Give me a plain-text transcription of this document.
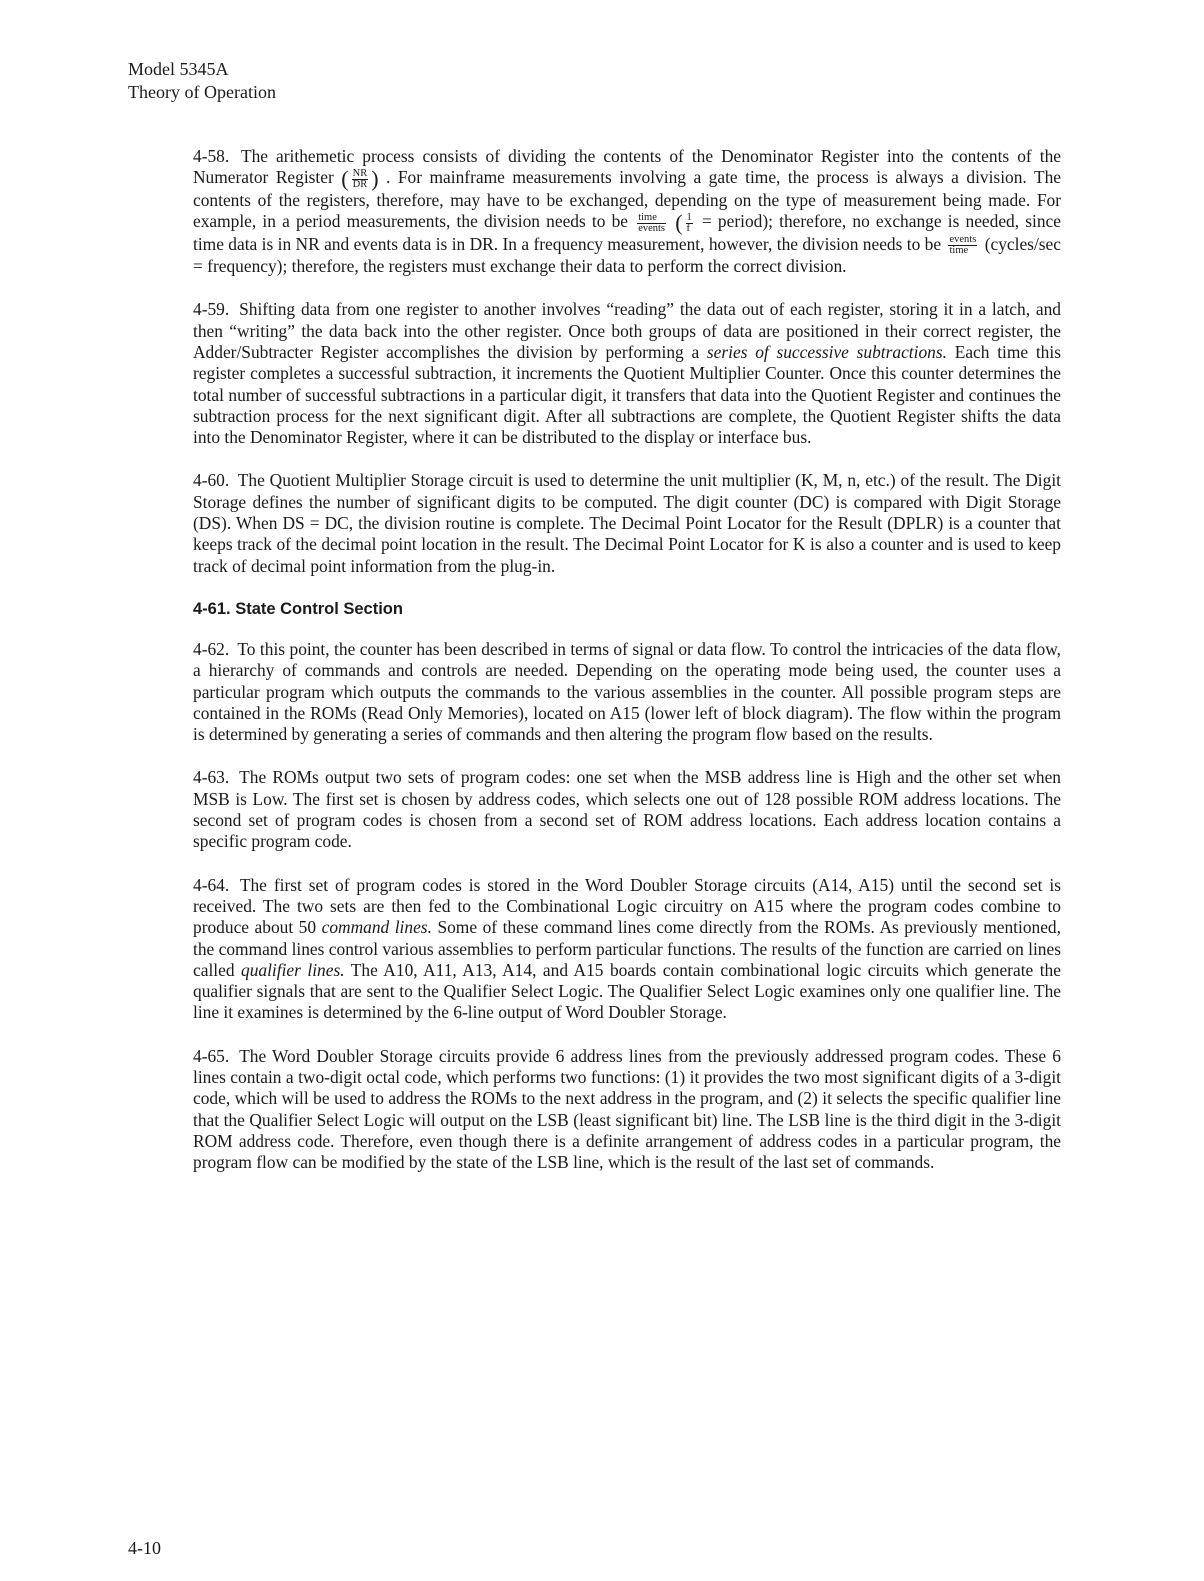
Model 5345A
Theory of Operation

4-58. The arithemetic process consists of dividing the contents of the Denominator Register into the contents of the Numerator Register ( $\frac{NR}{DR}$ ) . For mainframe measurements involving a gate time, the process is always a division. The contents of the registers, therefore, may have to be exchanged, depending on the type of measurement being made. For example, in a period measurements, the division needs to be $\frac{\text{time}}{\text{events}}$ ( $\frac{1}{f}$ = period); therefore, no exchange is needed, since time data is in NR and events data is in DR. In a frequency measurement, however, the division needs to be $\frac{\text{events}}{\text{time}}$ (cycles/sec = frequency); therefore, the registers must exchange their data to perform the correct division.

4-59. Shifting data from one register to another involves “reading” the data out of each register, storing it in a latch, and then “writing” the data back into the other register. Once both groups of data are positioned in their correct register, the Adder/Subtracter Register accomplishes the division by performing a series of successive subtractions. Each time this register completes a successful subtraction, it increments the Quotient Multiplier Counter. Once this counter determines the total number of successful subtractions in a particular digit, it transfers that data into the Quotient Register and continues the subtraction process for the next significant digit. After all subtractions are complete, the Quotient Register shifts the data into the Denominator Register, where it can be distributed to the display or interface bus.

4-60. The Quotient Multiplier Storage circuit is used to determine the unit multiplier (K, M, n, etc.) of the result. The Digit Storage defines the number of significant digits to be computed. The digit counter (DC) is compared with Digit Storage (DS). When DS = DC, the division routine is complete. The Decimal Point Locator for the Result (DPLR) is a counter that keeps track of the decimal point location in the result. The Decimal Point Locator for K is also a counter and is used to keep track of decimal point information from the plug-in.

4-61. State Control Section

4-62. To this point, the counter has been described in terms of signal or data flow. To control the intricacies of the data flow, a hierarchy of commands and controls are needed. Depending on the operating mode being used, the counter uses a particular program which outputs the commands to the various assemblies in the counter. All possible program steps are contained in the ROMs (Read Only Memories), located on A15 (lower left of block diagram). The flow within the program is determined by generating a series of commands and then altering the program flow based on the results.

4-63. The ROMs output two sets of program codes: one set when the MSB address line is High and the other set when MSB is Low. The first set is chosen by address codes, which selects one out of 128 possible ROM address locations. The second set of program codes is chosen from a second set of ROM address locations. Each address location contains a specific program code.

4-64. The first set of program codes is stored in the Word Doubler Storage circuits (A14, A15) until the second set is received. The two sets are then fed to the Combinational Logic circuitry on A15 where the program codes combine to produce about 50 command lines. Some of these command lines come directly from the ROMs. As previously mentioned, the command lines control various assemblies to perform particular functions. The results of the function are carried on lines called qualifier lines. The A10, A11, A13, A14, and A15 boards contain combinational logic circuits which generate the qualifier signals that are sent to the Qualifier Select Logic. The Qualifier Select Logic examines only one qualifier line. The line it examines is determined by the 6-line output of Word Doubler Storage.

4-65. The Word Doubler Storage circuits provide 6 address lines from the previously addressed program codes. These 6 lines contain a two-digit octal code, which performs two functions: (1) it provides the two most significant digits of a 3-digit code, which will be used to address the ROMs to the next address in the program, and (2) it selects the specific qualifier line that the Qualifier Select Logic will output on the LSB (least significant bit) line. The LSB line is the third digit in the 3-digit ROM address code. Therefore, even though there is a definite arrangement of address codes in a particular program, the program flow can be modified by the state of the LSB line, which is the result of the last set of commands.

4-10
